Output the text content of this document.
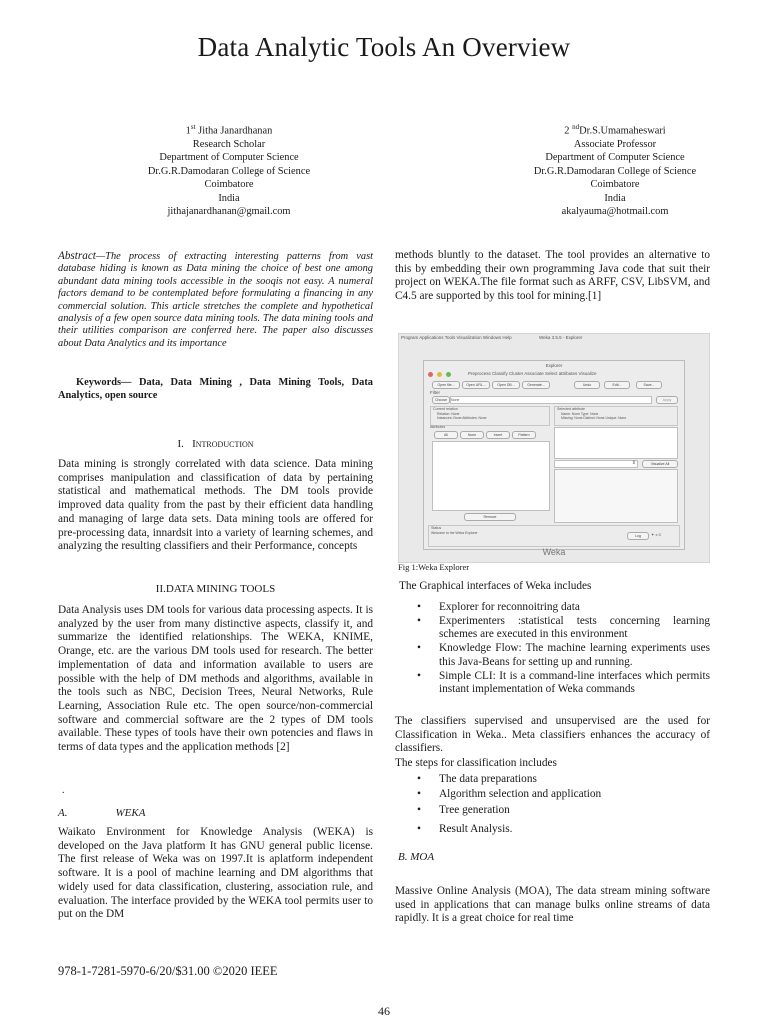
Data Analytic Tools An Overview
1st Jitha Janardhanan
Research Scholar
Department of Computer Science
Dr.G.R.Damodaran College of Science
Coimbatore
India
jithajanardhanan@gmail.com
2 $^{nd}$Dr.S.Umamaheswari
Associate Professor
Department of Computer Science
Dr.G.R.Damodaran College of Science
Coimbatore
India
akalyauma@hotmail.com
Abstract—The process of extracting interesting patterns from vast database hiding is known as Data mining the choice of best one among abundant data mining tools accessible in the sooqis not easy. A numeral factors demand to be contemplated before formulating a financing in any commercial solution. This article stretches the complete and hypothetical analysis of a few open source data mining tools. The data mining tools and their utilities comparison are conferred here. The paper also discusses about Data Analytics and its importance
Keywords— Data, Data Mining , Data Mining Tools, Data Analytics, open source
I. Introduction
Data mining is strongly correlated with data science. Data mining comprises manipulation and classification of data by pertaining statistical and mathematical methods. The DM tools provide improved data quality from the past by their efficient data handling and managing of large data sets. Data mining tools are offered for pre-processing data, innardsit into a variety of learning schemes, and analyzing the resulting classifiers and their Performance, concepts
II.DATA MINING TOOLS
Data Analysis uses DM tools for various data processing aspects. It is analyzed by the user from many distinctive aspects, classify it, and summarize the identified relationships. The WEKA, KNIME, Orange, etc. are the various DM tools used for research. The better implementation of data and information available to users are possible with the help of DM methods and algorithms, available in the tools such as NBC, Decision Trees, Neural Networks, Rule Learning, Association Rule etc. The open source/non-commercial software and commercial software are the 2 types of DM tools available. These types of tools have their own potencies and flaws in terms of data types and the application methods [2]
.
A.	WEKA
Waikato Environment for Knowledge Analysis (WEKA) is developed on the Java platform It has GNU general public license. The first release of Weka was on 1997.It is aplatform independent software. It is a pool of machine learning and DM algorithms that widely used for data classification, clustering, association rule, and evaluation. The interface provided by the WEKA tool permits user to put on the DM
methods bluntly to the dataset. The tool provides an alternative to this by embedding their own programming Java code that suit their project on WEKA.The file format such as ARFF, CSV, LibSVM, and C4.5 are supported by this tool for mining.[1]
Program Applications Tools Visualization Windows Help	Weka 3.5.5 - Explorer

Explorer
Preprocess Classify Cluster Associate Select attributes Visualize
Open file...	Open URL...	Open DB...	Generate...	Undo	Edit...	Save...
Filter
Choose	None	Apply
Current relation
Relation: None
Instances: None Attributes: None
Selected attribute
Name: None Type: None
Missing: None Distinct: None Unique: None
Attributes
All	None	Invert	Pattern
Remove
⇕	Visualize All
Status
Welcome to the Weka Explorer
Log	✦ x 0
Weka
Fig 1:Weka Explorer
The Graphical interfaces of Weka includes
• Explorer for reconnoitring data
• Experimenters :statistical tests concerning learning schemes are executed in this environment
• Knowledge Flow: The machine learning experiments uses this Java-Beans for setting up and running.
• Simple CLI: It is a command-line interfaces which permits instant implementation of Weka commands
The classifiers supervised and unsupervised are the used for Classification in Weka.. Meta classifiers enhances the accuracy of classifiers.
The steps for classification includes
• The data preparations
• Algorithm selection and application
• Tree generation
• Result Analysis.
B. MOA
Massive Online Analysis (MOA), The data stream mining software used in applications that can manage bulks online streams of data rapidly. It is a great choice for real time
978-1-7281-5970-6/20/$31.00 ©2020 IEEE
46
